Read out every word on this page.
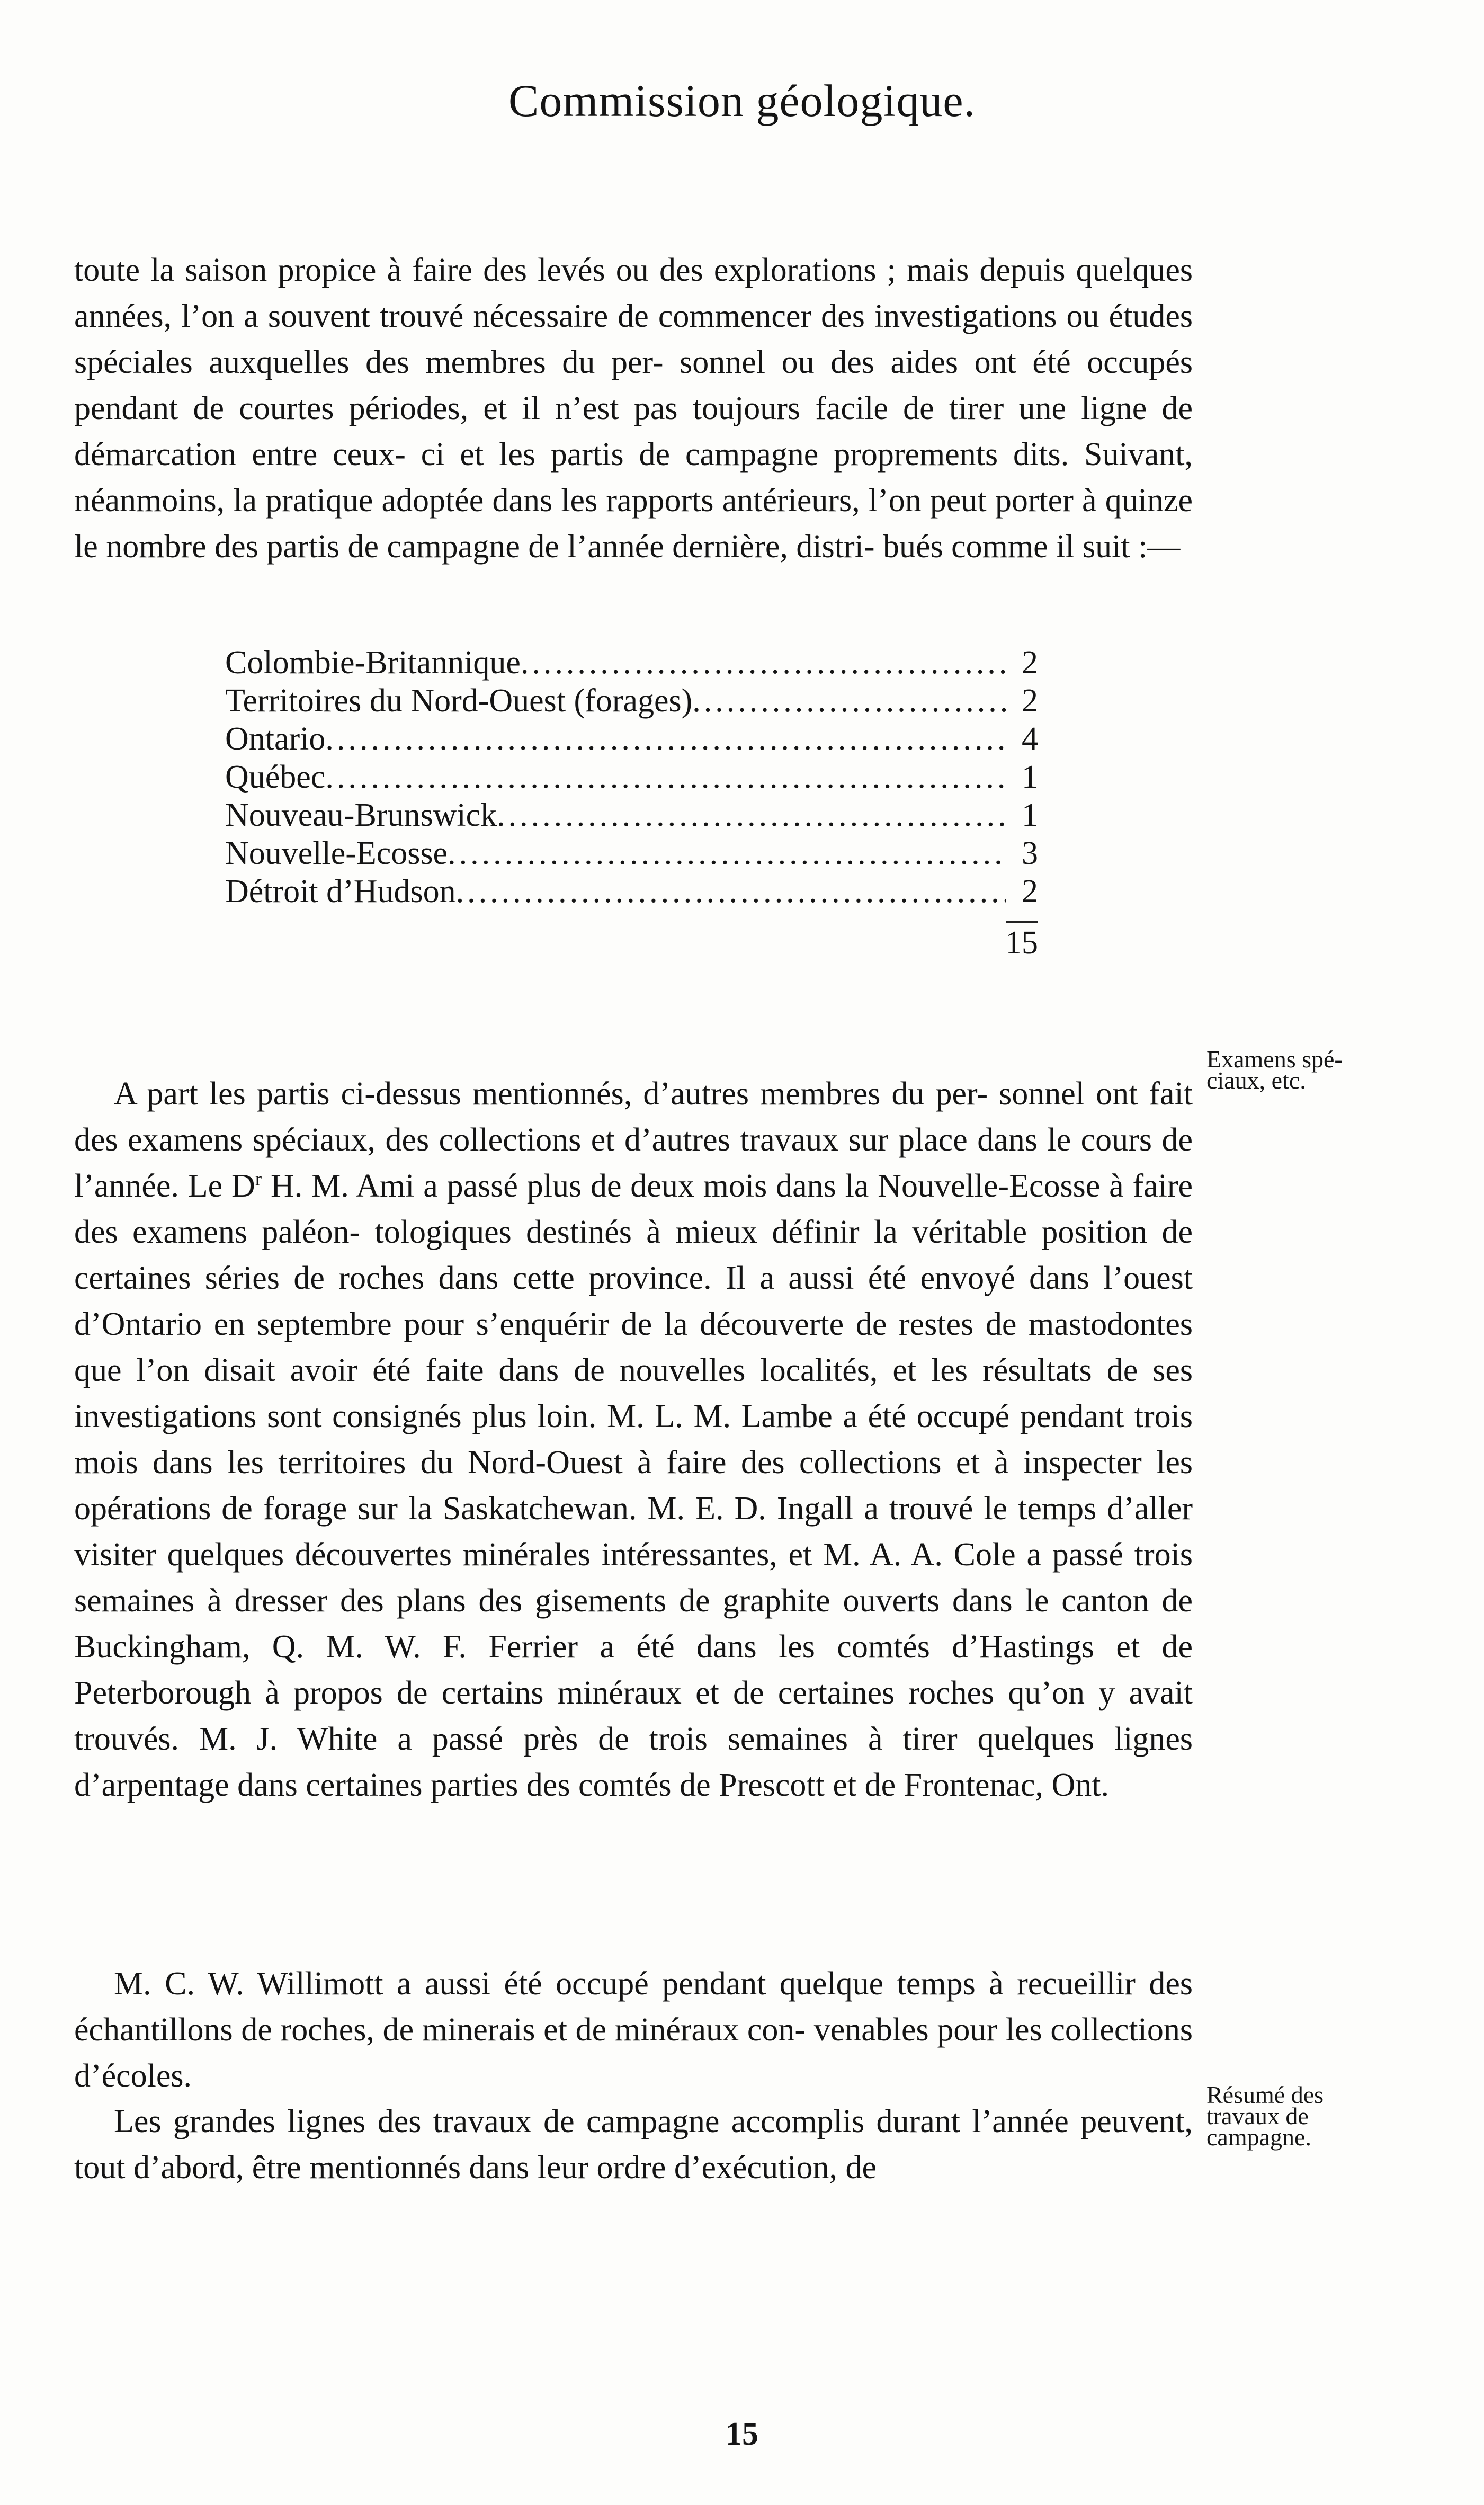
Commission géologique.

toute la saison propice à faire des levés ou des explorations ; mais depuis quelques années, l’on a souvent trouvé nécessaire de commencer des investigations ou études spéciales auxquelles des membres du per- sonnel ou des aides ont été occupés pendant de courtes périodes, et il n’est pas toujours facile de tirer une ligne de démarcation entre ceux- ci et les partis de campagne proprements dits. Suivant, néanmoins, la pratique adoptée dans les rapports antérieurs, l’on peut porter à quinze le nombre des partis de campagne de l’année dernière, distri- bués comme il suit :—

Colombie-Britannique .....	2
Territoires du Nord-Ouest (forages) .....	2
Ontario .....	4
Québec .....	1
Nouveau-Brunswick .....	1
Nouvelle-Ecosse .....	3
Détroit d’Hudson .....	2
15

A part les partis ci-dessus mentionnés, d’autres membres du per- sonnel ont fait des examens spéciaux, des collections et d’autres travaux sur place dans le cours de l’année. Le $D^r$ H. M. Ami a passé plus de deux mois dans la Nouvelle-Ecosse à faire des examens paléon- tologiques destinés à mieux définir la véritable position de certaines séries de roches dans cette province. Il a aussi été envoyé dans l’ouest d’Ontario en septembre pour s’enquérir de la découverte de restes de mastodontes que l’on disait avoir été faite dans de nouvelles localités, et les résultats de ses investigations sont consignés plus loin. M. L. M. Lambe a été occupé pendant trois mois dans les territoires du Nord-Ouest à faire des collections et à inspecter les opérations de forage sur la Saskatchewan. M. E. D. Ingall a trouvé le temps d’aller visiter quelques découvertes minérales intéressantes, et M. A. A. Cole a passé trois semaines à dresser des plans des gisements de graphite ouverts dans le canton de Buckingham, Q. M. W. F. Ferrier a été dans les comtés d’Hastings et de Peterborough à propos de certains minéraux et de certaines roches qu’on y avait trouvés. M. J. White a passé près de trois semaines à tirer quelques lignes d’arpentage dans certaines parties des comtés de Prescott et de Frontenac, Ont.

Examens spé- ciaux, etc.

M. C. W. Willimott a aussi été occupé pendant quelque temps à recueillir des échantillons de roches, de minerais et de minéraux con- venables pour les collections d’écoles.

Les grandes lignes des travaux de campagne accomplis durant l’année peuvent, tout d’abord, être mentionnés dans leur ordre d’exécution, de

Résumé des travaux de campagne.
15
